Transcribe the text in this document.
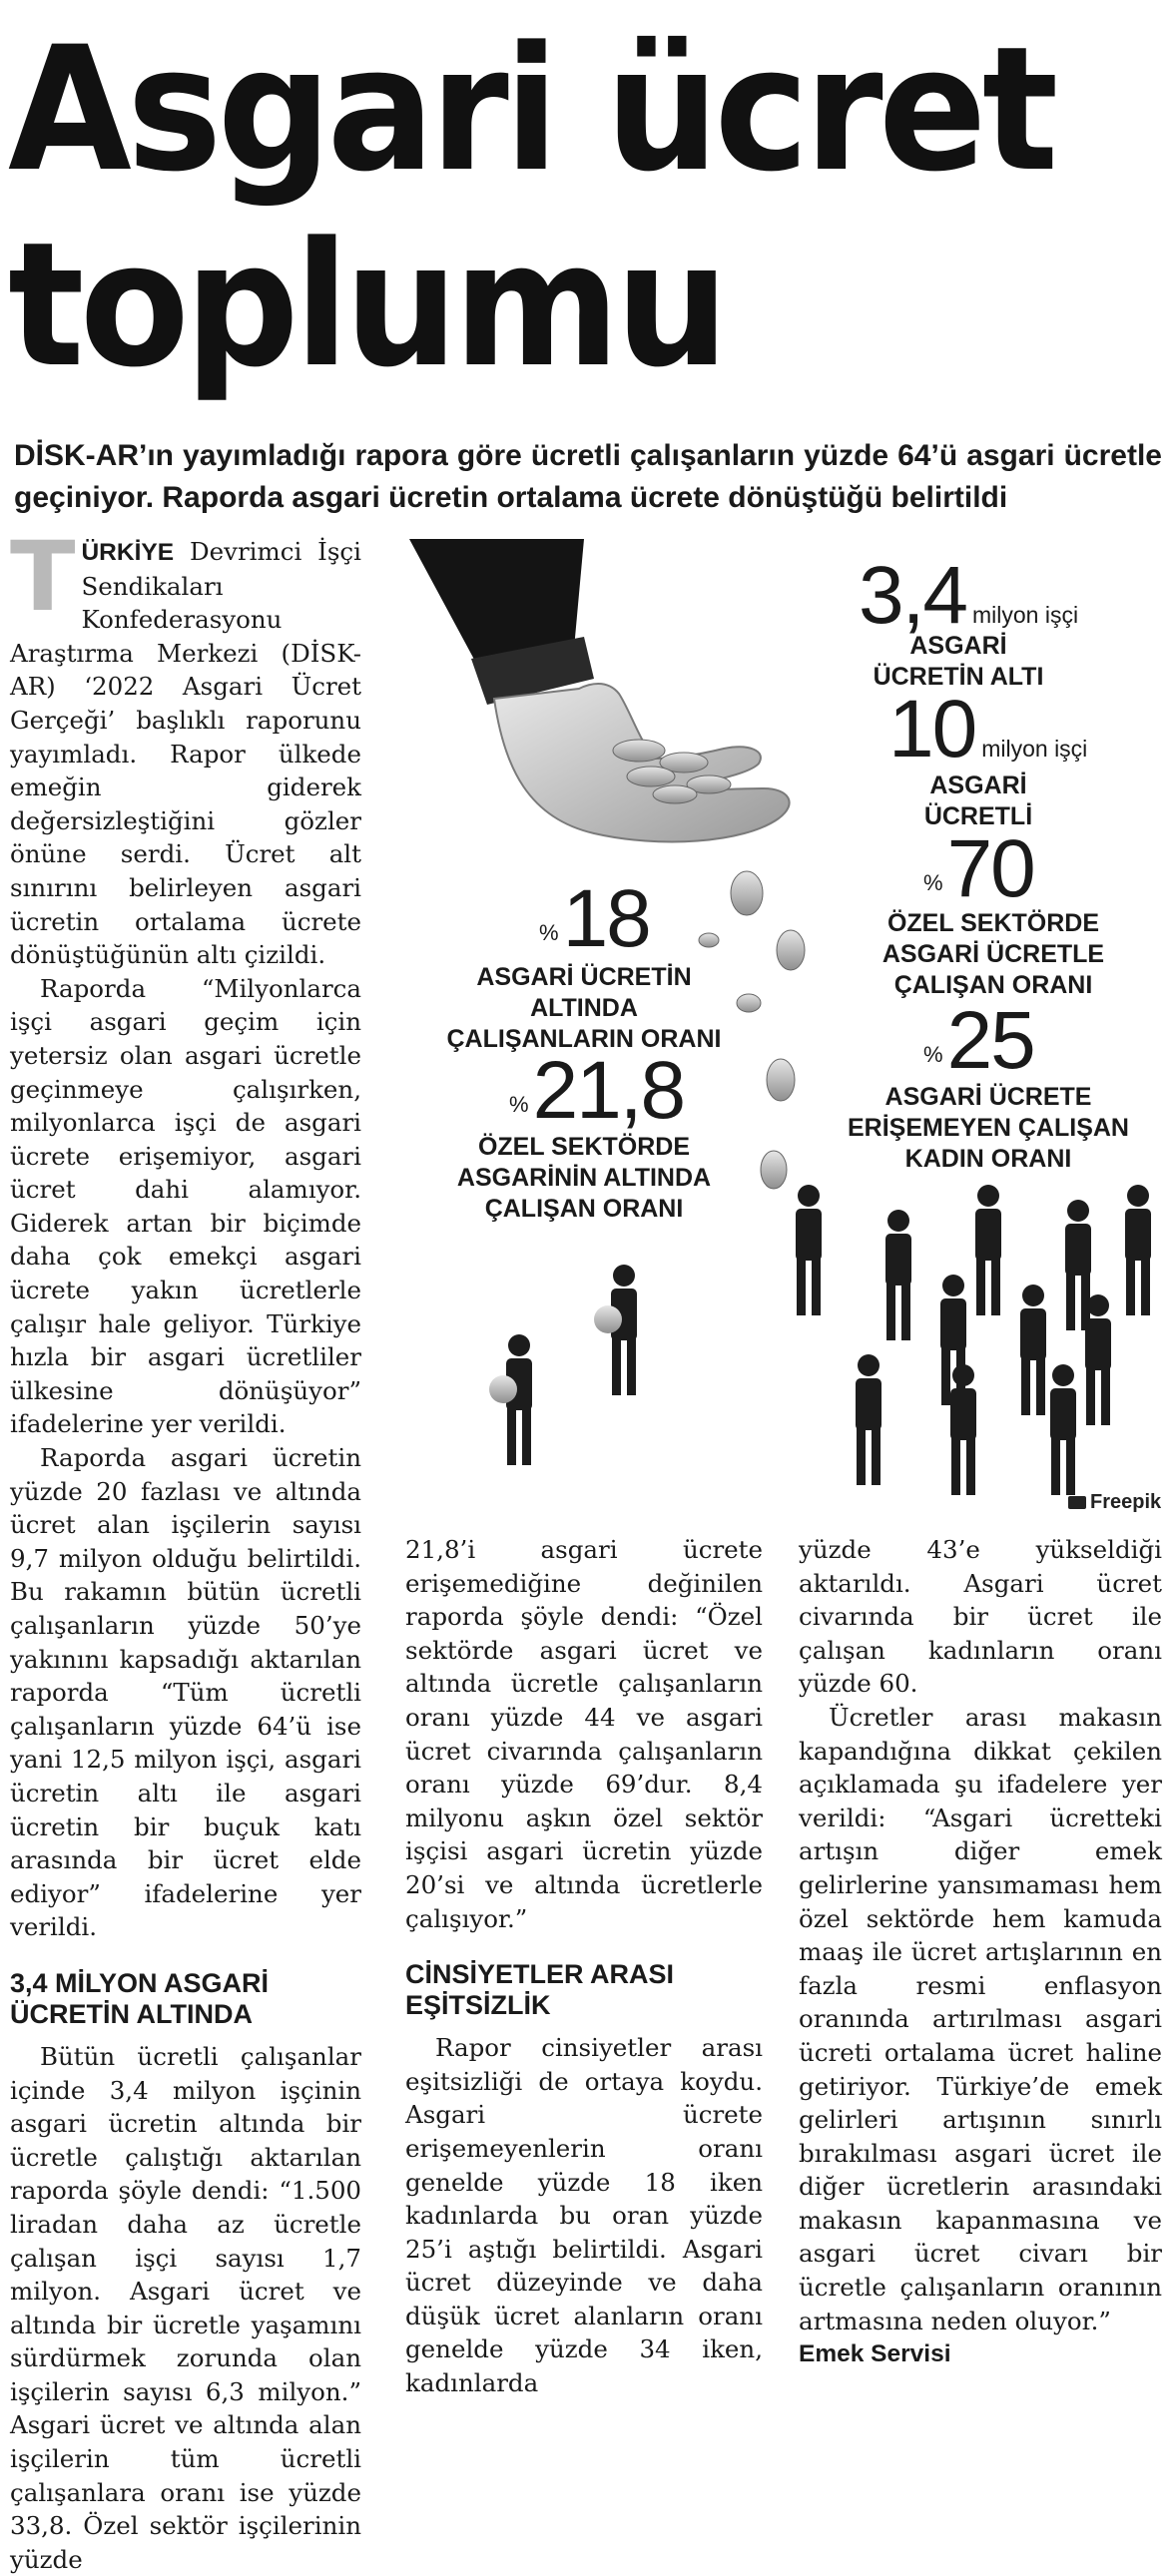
Asgari ücret
toplumu
DİSK-AR’ın yayımladığı rapora göre ücretli çalışanların yüzde 64’ü asgari ücretle geçiniyor. Raporda asgari ücretin ortalama ücrete dönüştüğü belirtildi
3,4 milyon işçi
ASGARİ ÜCRETİN ALTI
10 milyon işçi
ASGARİ ÜCRETLİ
%70
ÖZEL SEKTÖRDE ASGARİ ÜCRETLE ÇALIŞAN ORANI
%25
ASGARİ ÜCRETE ERİŞEMEYEN ÇALIŞAN KADIN ORANI
%18
ASGARİ ÜCRETİN ALTINDA ÇALIŞANLARIN ORANI
%21,8
ÖZEL SEKTÖRDE ASGARİNİN ALTINDA ÇALIŞAN ORANI
Freepik

TÜRKİYE Devrimci İşçi Sendikaları Konfederasyonu Araştırma Merkezi (DİSK-AR) ‘2022 Asgari Ücret Gerçeği’ başlıklı raporunu yayımladı. Rapor ülkede emeğin giderek değersizleştiğini gözler önüne serdi. Ücret alt sınırını belirleyen asgari ücretin ortalama ücrete dönüştüğünün altı çizildi.

Raporda “Milyonlarca işçi asgari geçim için yetersiz olan asgari ücretle geçinmeye çalışırken, milyonlarca işçi de asgari ücrete erişemiyor, asgari ücret dahi alamıyor. Giderek artan bir biçimde daha çok emekçi asgari ücrete yakın ücretlerle çalışır hale geliyor. Türkiye hızla bir asgari ücretliler ülkesine dönüşüyor” ifadelerine yer verildi.

Raporda asgari ücretin yüzde 20 fazlası ve altında ücret alan işçilerin sayısı 9,7 milyon olduğu belirtildi. Bu rakamın bütün ücretli çalışanların yüzde 50’ye yakınını kapsadığı aktarılan raporda “Tüm ücretli çalışanların yüzde 64’ü ise yani 12,5 milyon işçi, asgari ücretin altı ile asgari ücretin bir buçuk katı arasında bir ücret elde ediyor” ifadelerine yer verildi.

3,4 MİLYON ASGARİ ÜCRETİN ALTINDA

Bütün ücretli çalışanlar içinde 3,4 milyon işçinin asgari ücretin altında bir ücretle çalıştığı aktarılan raporda şöyle dendi: “1.500 liradan daha az ücretle çalışan işçi sayısı 1,7 milyon. Asgari ücret ve altında bir ücretle yaşamını sürdürmek zorunda olan işçilerin sayısı 6,3 milyon.” Asgari ücret ve altında alan işçilerin tüm ücretli çalışanlara oranı ise yüzde 33,8. Özel sektör işçilerinin yüzde

21,8’i asgari ücrete erişemediğine değinilen raporda şöyle dendi: “Özel sektörde asgari ücret ve altında ücretle çalışanların oranı yüzde 44 ve asgari ücret civarında çalışanların oranı yüzde 69’dur. 8,4 milyonu aşkın özel sektör işçisi asgari ücretin yüzde 20’si ve altında ücretlerle çalışıyor.”

CİNSİYETLER ARASI EŞİTSİZLİK

Rapor cinsiyetler arası eşitsizliği de ortaya koydu. Asgari ücrete erişemeyenlerin oranı genelde yüzde 18 iken kadınlarda bu oran yüzde 25’i aştığı belirtildi. Asgari ücret düzeyinde ve daha düşük ücret alanların oranı genelde yüzde 34 iken, kadınlarda

yüzde 43’e yükseldiği aktarıldı. Asgari ücret civarında bir ücret ile çalışan kadınların oranı yüzde 60.

Ücretler arası makasın kapandığına dikkat çekilen açıklamada şu ifadelere yer verildi: “Asgari ücretteki artışın diğer emek gelirlerine yansımaması hem özel sektörde hem kamuda maaş ile ücret artışlarının en fazla resmi enflasyon oranında artırılması asgari ücreti ortalama ücret haline getiriyor. Türkiye’de emek gelirleri artışının sınırlı bırakılması asgari ücret ile diğer ücretlerin arasındaki makasın kapanmasına ve asgari ücret civarı bir ücretle çalışanların oranının artmasına neden oluyor.”

Emek Servisi
